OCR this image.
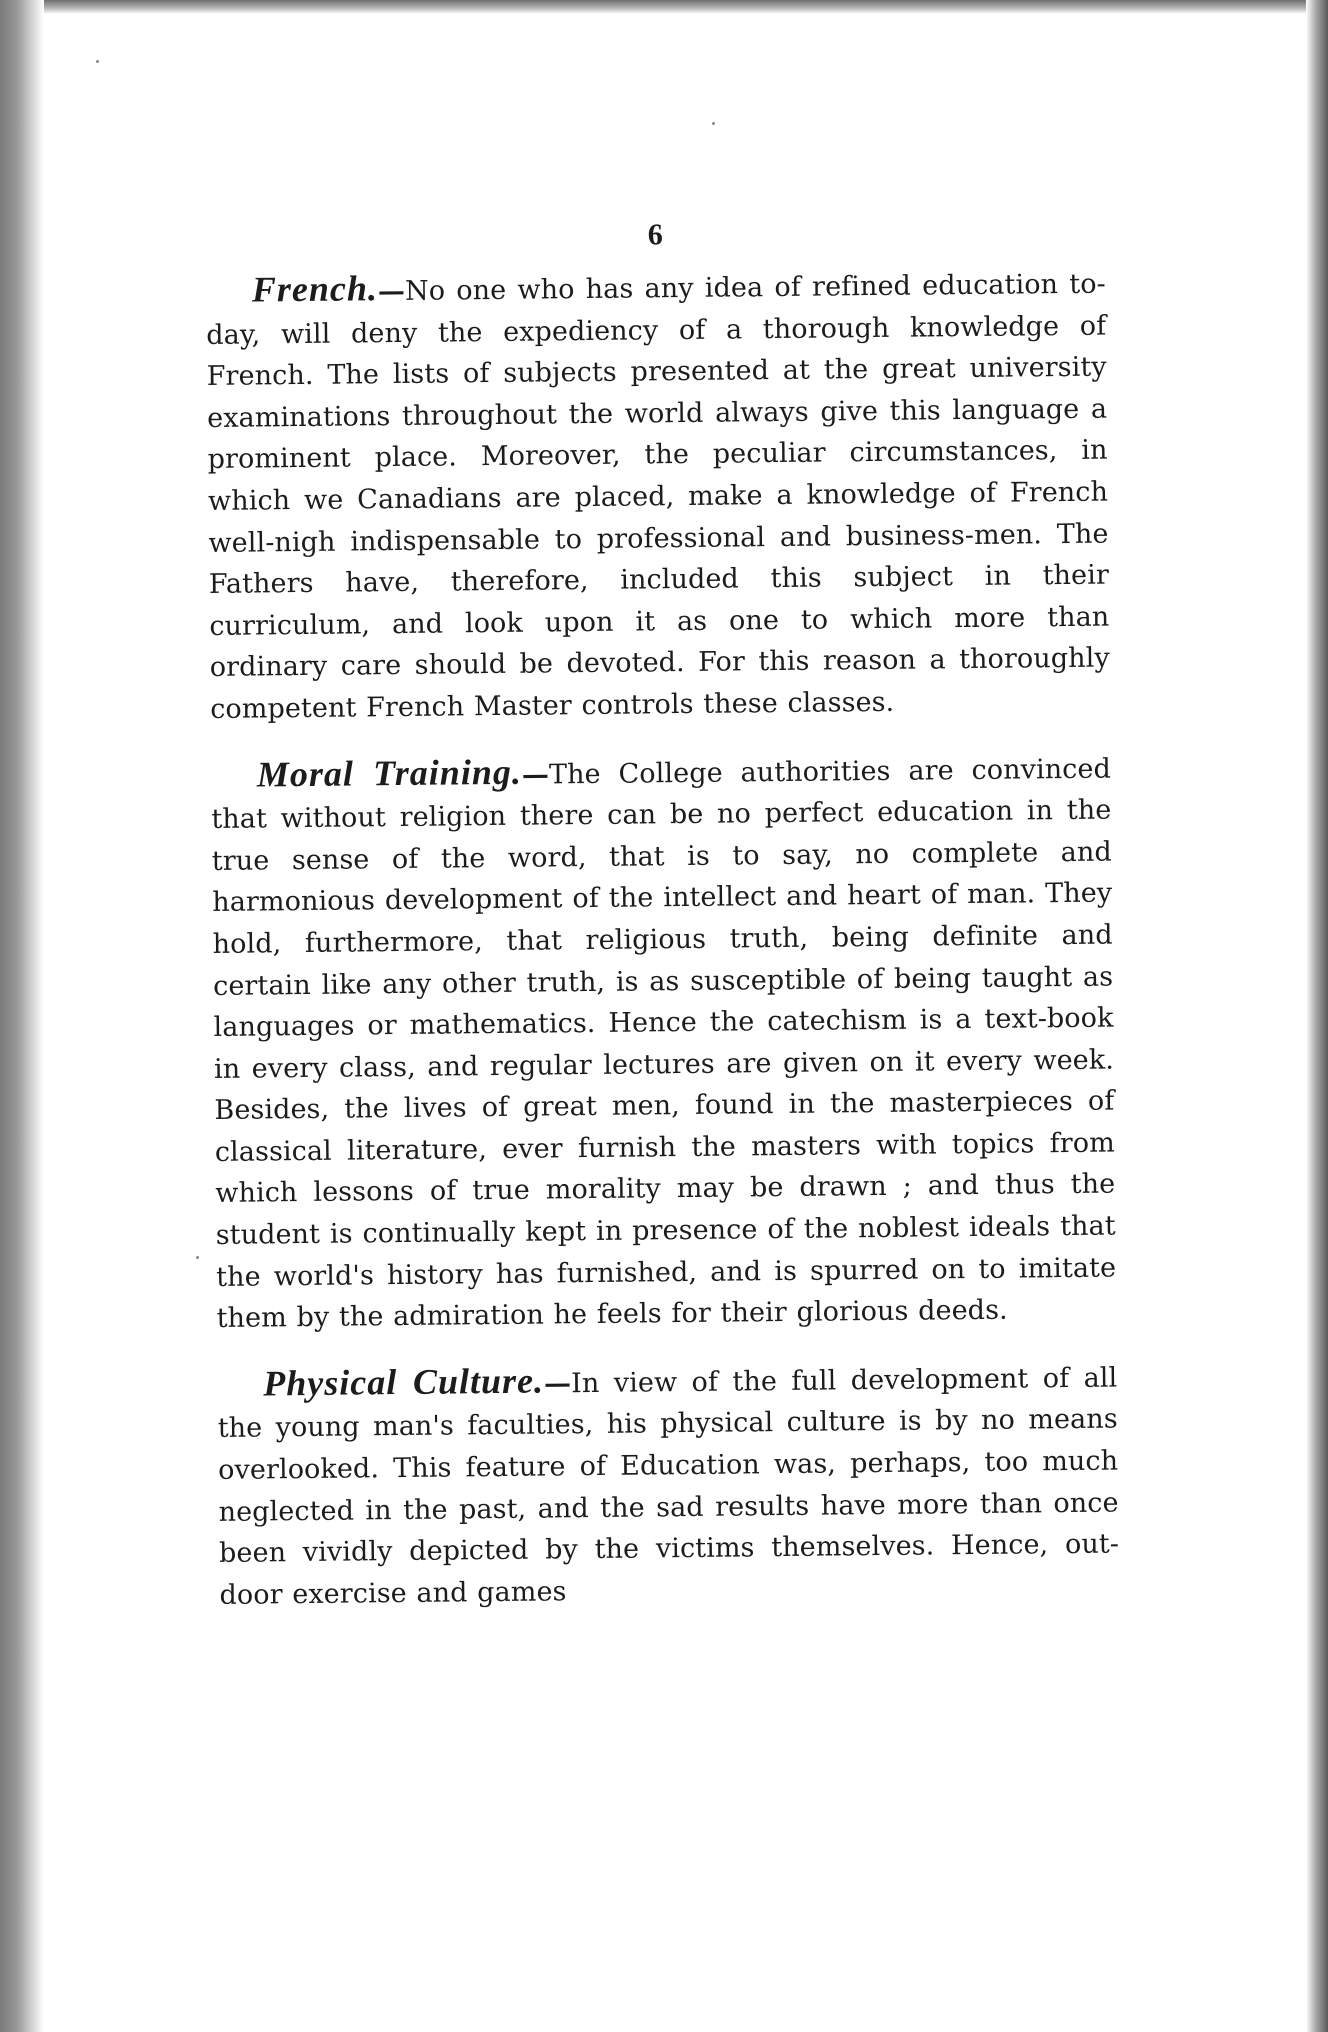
6

French.—No one who has any idea of refined education to-day, will deny the expediency of a thorough knowledge of French. The lists of subjects presented at the great university examinations throughout the world always give this language a prominent place. Moreover, the peculiar circumstances, in which we Canadians are placed, make a knowledge of French well-nigh indispensable to professional and business-men. The Fathers have, therefore, included this subject in their curriculum, and look upon it as one to which more than ordinary care should be devoted. For this reason a thoroughly competent French Master controls these classes.

Moral Training.—The College authorities are convinced that without religion there can be no perfect education in the true sense of the word, that is to say, no complete and harmonious development of the intellect and heart of man. They hold, furthermore, that religious truth, being definite and certain like any other truth, is as susceptible of being taught as languages or mathematics. Hence the catechism is a text-book in every class, and regular lectures are given on it every week. Besides, the lives of great men, found in the masterpieces of classical literature, ever furnish the masters with topics from which lessons of true morality may be drawn ; and thus the student is continually kept in presence of the noblest ideals that the world's history has furnished, and is spurred on to imitate them by the admiration he feels for their glorious deeds.

Physical Culture.—In view of the full development of all the young man's faculties, his physical culture is by no means overlooked. This feature of Education was, perhaps, too much neglected in the past, and the sad results have more than once been vividly depicted by the victims themselves. Hence, out-door exercise and games
